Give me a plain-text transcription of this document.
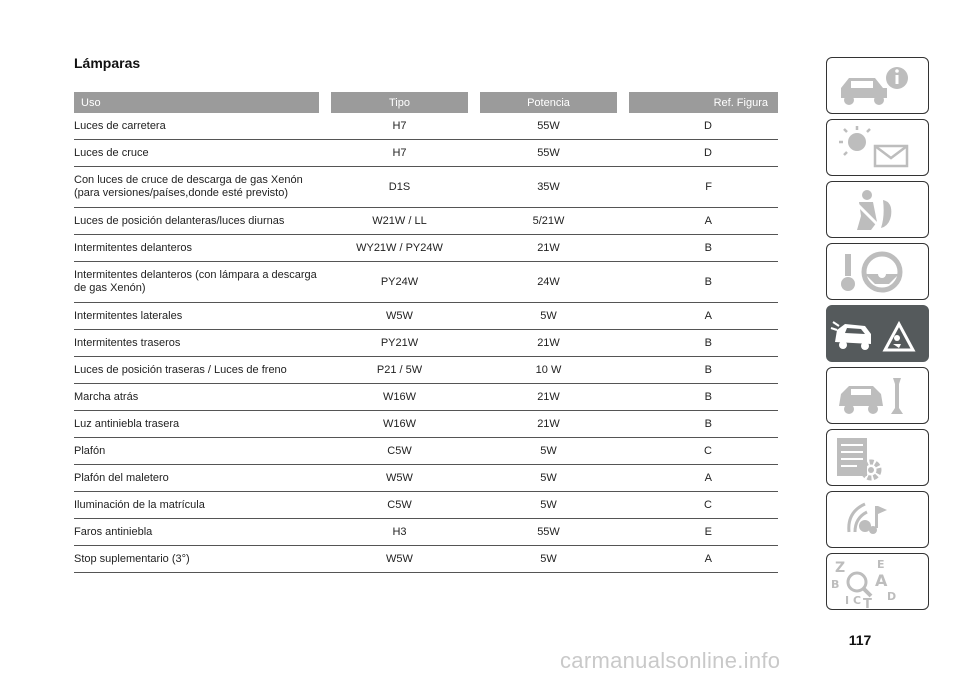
Lámparas
Uso	Tipo	Potencia	Ref. Figura
Luces de carretera	H7	55W	D
Luces de cruce	H7	55W	D
Con luces de cruce de descarga de gas Xenón (para versiones/países,donde esté previsto)	D1S	35W	F
Luces de posición delanteras/luces diurnas	W21W / LL	5/21W	A
Intermitentes delanteros	WY21W / PY24W	21W	B
Intermitentes delanteros (con lámpara a descarga de gas Xenón)	PY24W	24W	B
Intermitentes laterales	W5W	5W	A
Intermitentes traseros	PY21W	21W	B
Luces de posición traseras / Luces de freno	P21 / 5W	10 W	B
Marcha atrás	W16W	21W	B
Luz antiniebla trasera	W16W	21W	B
Plafón	C5W	5W	C
Plafón del maletero	W5W	5W	A
Iluminación de la matrícula	C5W	5W	C
Faros antiniebla	H3	55W	E
Stop suplementario (3°)	W5W	5W	A
Z	E
B A
I C T
D
117
carmanualsonline.info
